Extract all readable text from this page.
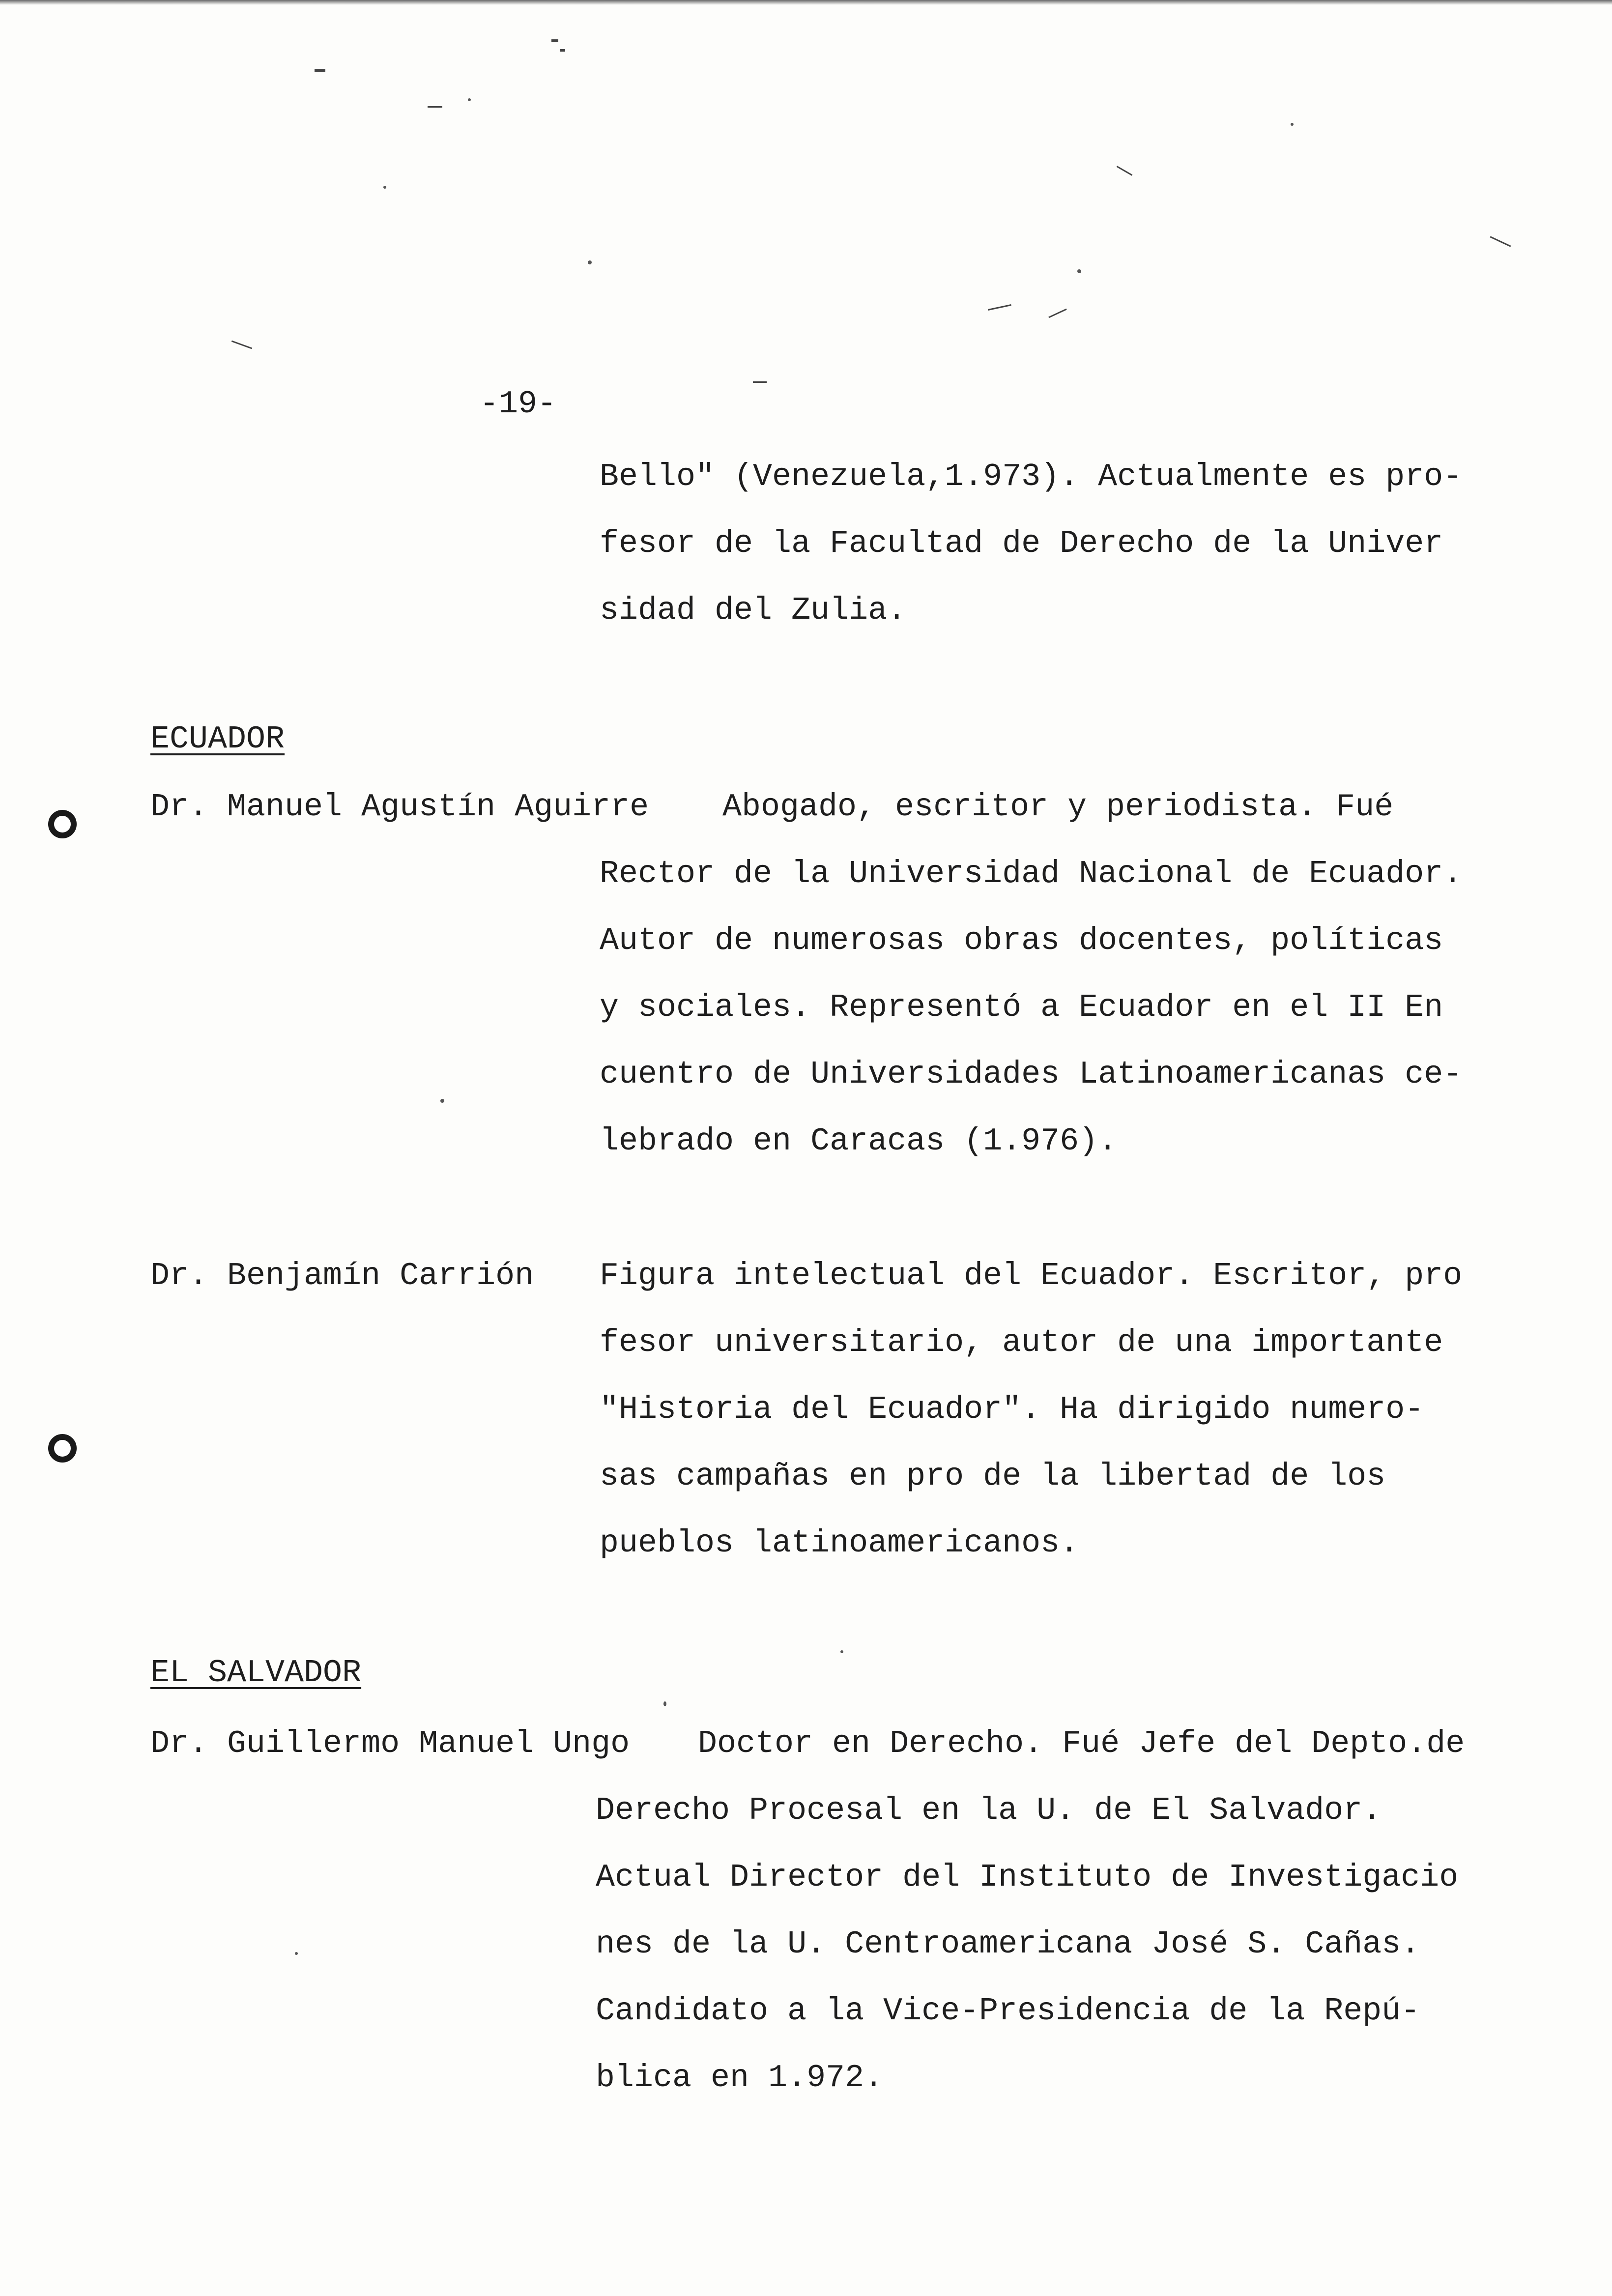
-19-
Bello" (Venezuela,1.973). Actualmente es pro-
fesor de la Facultad de Derecho de la Univer
sidad del Zulia.
ECUADOR
Dr. Manuel Agustín Aguirre Abogado, escritor y periodista. Fué
Rector de la Universidad Nacional de Ecuador.
Autor de numerosas obras docentes, políticas
y sociales. Representó a Ecuador en el II En
cuentro de Universidades Latinoamericanas ce-
lebrado en Caracas (1.976).
Dr. Benjamín Carrión Figura intelectual del Ecuador. Escritor, pro
fesor universitario, autor de una importante
"Historia del Ecuador". Ha dirigido numero-
sas campañas en pro de la libertad de los
pueblos latinoamericanos.
EL SALVADOR
Dr. Guillermo Manuel Ungo Doctor en Derecho. Fué Jefe del Depto.de
Derecho Procesal en la U. de El Salvador.
Actual Director del Instituto de Investigacio
nes de la U. Centroamericana José S. Cañas.
Candidato a la Vice-Presidencia de la Repú-
blica en 1.972.
